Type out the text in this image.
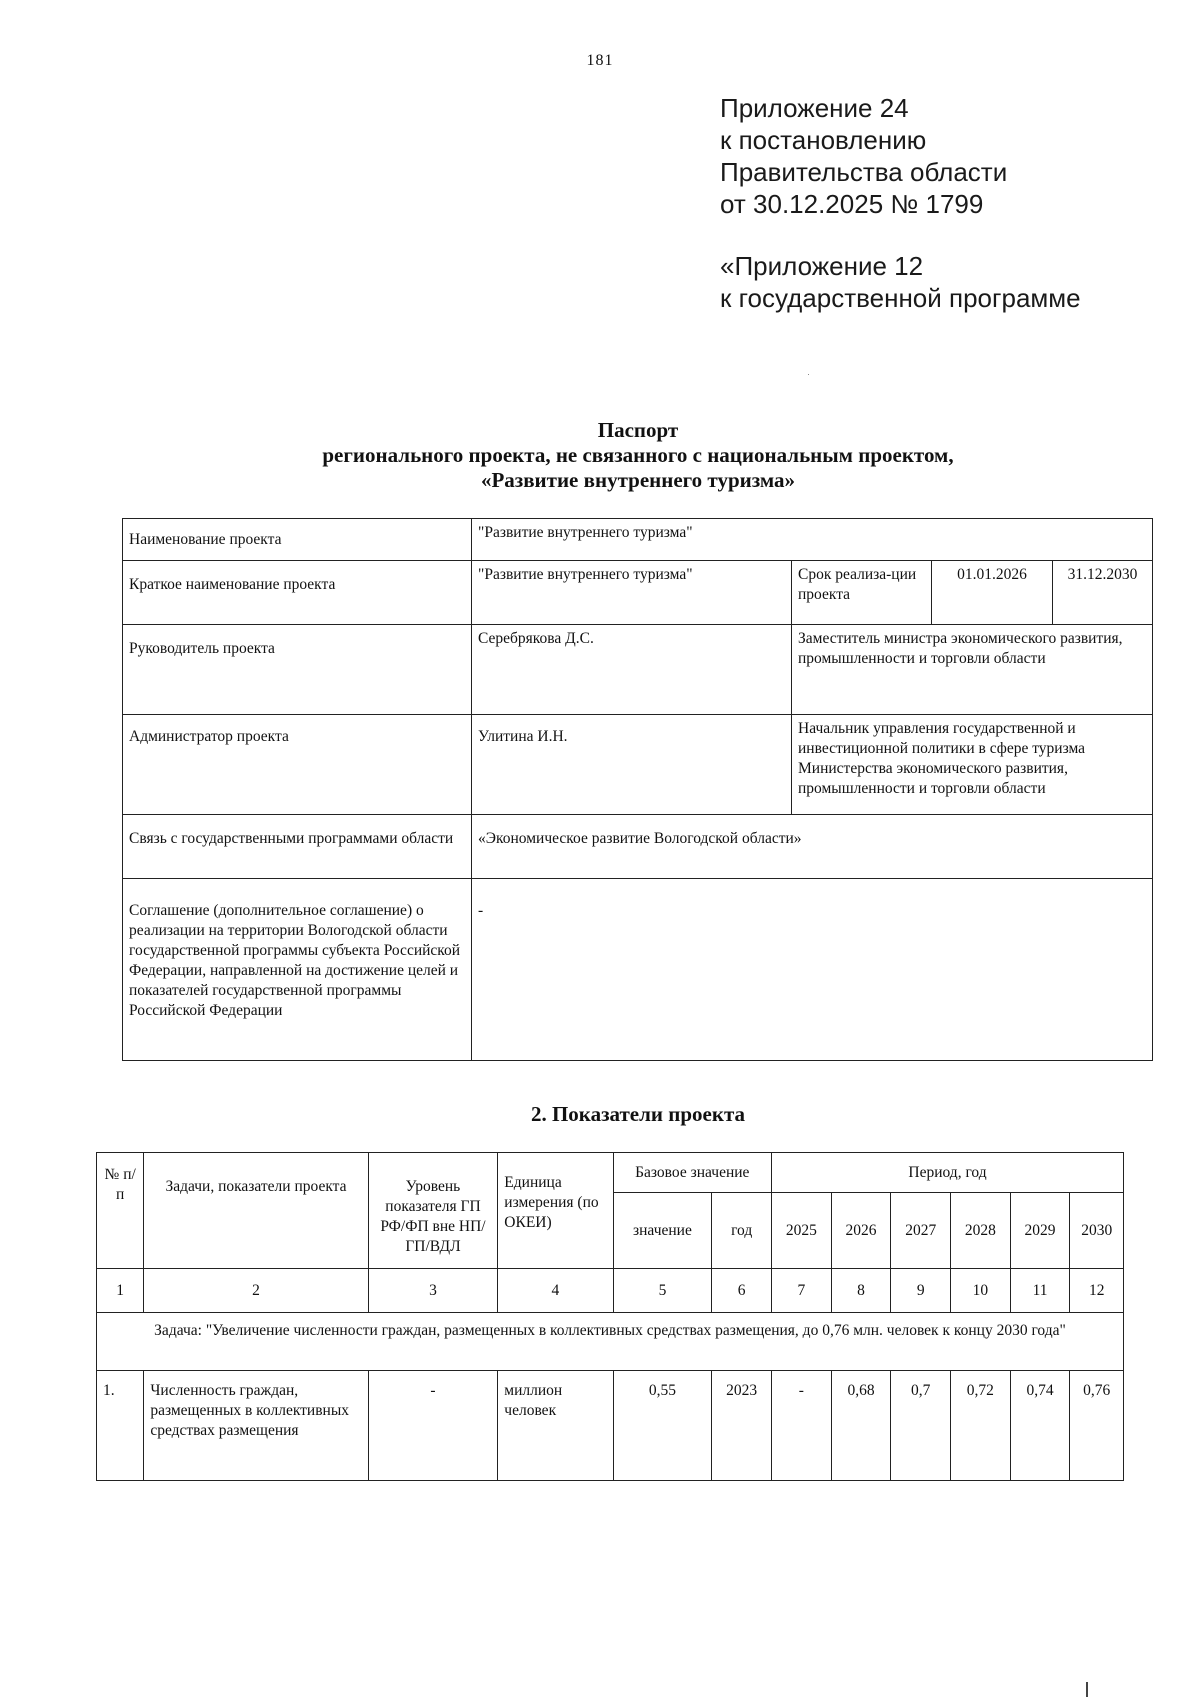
181
Приложение 24
к постановлению
Правительства области
от 30.12.2025 № 1799
«Приложение 12
к государственной программе
Паспорт
регионального проекта, не связанного с национальным проектом,
«Развитие внутреннего туризма»
Наименование проекта	"Развитие внутреннего туризма"			
Краткое наименование проекта	"Развитие внутреннего туризма"	Срок реализа-ции проекта	01.01.2026	31.12.2030
Руководитель проекта	Серебрякова Д.С.	Заместитель министра экономического развития, промышленности и торговли области		
Администратор проекта	Улитина И.Н.	Начальник управления государственной и инвестиционной политики в сфере туризма Министерства экономического развития, промышленности и торговли области		
Связь с государственными программами области	«Экономическое развитие Вологодской области»			
Соглашение (дополнительное соглашение) о реализации на территории Вологодской области государственной программы субъекта Российской Федерации, направленной на достижение целей и показателей государственной программы Российской Федерации	-			
2. Показатели проекта
№ п/п	Задачи, показатели проекта	Уровень показателя ГП РФ/ФП вне НП/ГП/ВДЛ	Единица измерения (по ОКЕИ)	Базовое значение		Период, год					
				значение	год	2025	2026	2027	2028	2029	2030
1	2	3	4	5	6	7	8	9	10	11	12
Задача: "Увеличение численности граждан, размещенных в коллективных средствах размещения, до 0,76 млн. человек к концу 2030 года"											
1.	Численность граждан, размещенных в коллективных средствах размещения	-	миллион человек	0,55	2023	-	0,68	0,7	0,72	0,74	0,76
